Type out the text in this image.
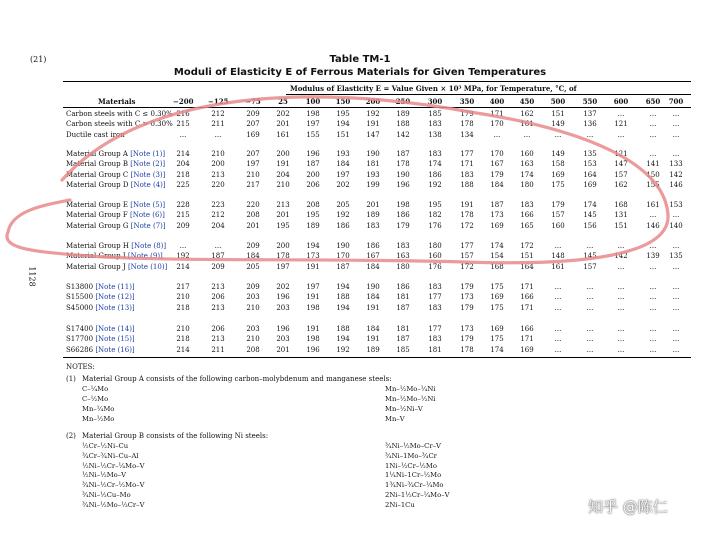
(21)
1128
Table TM-1
Moduli of Elasticity E of Ferrous Materials for Given Temperatures
Modulus of Elasticity E = Value Given × 10³ MPa, for Temperature, °C, of
Materials	−200 −125	−75	25	100	150	200	250	300	350	400	450	500	550	600	650	700
Carbon steels with C ≤ 0.30% 216	212	209	202	198	195	192	189	185	179	171	162	151	137	...	...	...
Carbon steels with C > 0.30% 215	211	207	201	197	194	191	188	183	178	170	161	149	136	121	...	...
Ductile cast iron	...	...	169	161	155	151	147	142	138	134	...	...	...	...	...	...	...
Material Group A [Note (1)]	214	210	207	200	196	193	190	187	183	177	170	160	149	135	121	...	...
Material Group B [Note (2)]	204	200	197	191	187	184	181	178	174	171	167	163	158	153	147	141	133
Material Group C [Note (3)]	218	213	210	204	200	197	193	190	186	183	179	174	169	164	157	150	142
Material Group D [Note (4)]	225	220	217	210	206	202	199	196	192	188	184	180	175	169	162	155	146
Material Group E [Note (5)]	228	223	220	213	208	205	201	198	195	191	187	183	179	174	168	161	153
Material Group F [Note (6)]	215	212	208	201	195	192	189	186	182	178	173	166	157	145	131	...	...
Material Group G [Note (7)]	209	204	201	195	189	186	183	179	176	172	169	165	160	156	151	146	140
Material Group H [Note (8)]	...	...	209	200	194	190	186	183	180	177	174	172	...	...	...	...	...
Material Group I [Note (9)]	192	187	184	178	173	170	167	163	160	157	154	151	148	145	142	139	135
Material Group J [Note (10)]	214	209	205	197	191	187	184	180	176	172	168	164	161	157	...	...	...
S13800 [Note (11)]	217	213	209	202	197	194	190	186	183	179	175	171	...	...	...	...	...
S15500 [Note (12)]	210	206	203	196	191	188	184	181	177	173	169	166	...	...	...	...	...
S45000 [Note (13)]	218	213	210	203	198	194	191	187	183	179	175	171	...	...	...	...	...
S17400 [Note (14)]	210	206	203	196	191	188	184	181	177	173	169	166	...	...	...	...	...
S17700 [Note (15)]	218	213	210	203	198	194	191	187	183	179	175	171	...	...	...	...	...
S66286 [Note (16)]	214	211	208	201	196	192	189	185	181	178	174	169	...	...	...	...	...
NOTES:
(1) Material Group A consists of the following carbon–molybdenum and manganese steels:
C–¹⁄₄Mo
C–¹⁄₂Mo
Mn–¹⁄₄Mo
Mn–¹⁄₂Mo
Mn–¹⁄₂Mo–¹⁄₄Ni
Mn–¹⁄₂Mo–¹⁄₂Ni
Mn–¹⁄₂Ni–V
Mn–V
(2) Material Group B consists of the following Ni steels:
¹⁄₂Cr–¹⁄₂Ni–Cu
³⁄₄Cr–³⁄₄Ni–Cu–Al
¹⁄₂Ni–¹⁄₂Cr–¹⁄₄Mo–V
¹⁄₂Ni–¹⁄₂Mo–V
³⁄₄Ni–¹⁄₂Cr–¹⁄₂Mo–V
³⁄₄Ni–¹⁄₂Cu–Mo
³⁄₄Ni–¹⁄₂Mo–¹⁄₃Cr–V
³⁄₄Ni–¹⁄₂Mo–Cr–V
³⁄₄Ni–1Mo–³⁄₄Cr
1Ni–¹⁄₂Cr–¹⁄₂Mo
1¹⁄₄Ni–1Cr–¹⁄₂Mo
1³⁄₄Ni–³⁄₄Cr–¹⁄₄Mo
2Ni–1¹⁄₂Cr–¹⁄₄Mo–V
2Ni–1Cu	知乎 @陈仁
